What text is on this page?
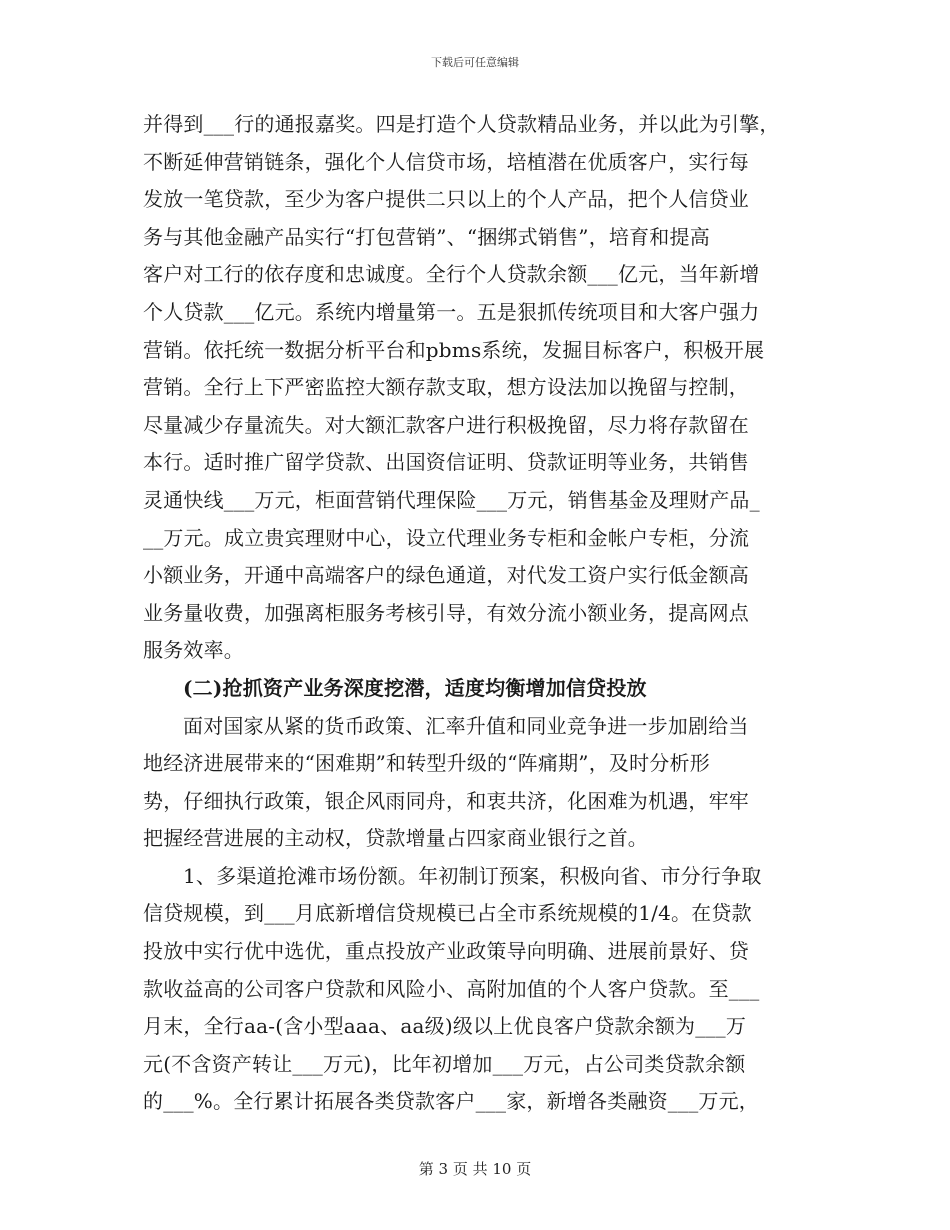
下载后可任意编辑
并得到___行的通报嘉奖。四是打造个人贷款精品业务，并以此为引擎，
不断延伸营销链条，强化个人信贷市场，培植潜在优质客户，实行每
发放一笔贷款，至少为客户提供二只以上的个人产品，把个人信贷业
务与其他金融产品实行“打包营销”、“捆绑式销售”，培育和提高
客户对工行的依存度和忠诚度。全行个人贷款余额___亿元，当年新增
个人贷款___亿元。系统内增量第一。五是狠抓传统项目和大客户强力
营销。依托统一数据分析平台和pbms系统，发掘目标客户，积极开展
营销。全行上下严密监控大额存款支取，想方设法加以挽留与控制，
尽量减少存量流失。对大额汇款客户进行积极挽留，尽力将存款留在
本行。适时推广留学贷款、出国资信证明、贷款证明等业务，共销售
灵通快线___万元，柜面营销代理保险___万元，销售基金及理财产品_
__万元。成立贵宾理财中心，设立代理业务专柜和金帐户专柜，分流
小额业务，开通中高端客户的绿色通道，对代发工资户实行低金额高
业务量收费，加强离柜服务考核引导，有效分流小额业务，提高网点
服务效率。
(二)抢抓资产业务深度挖潜，适度均衡增加信贷投放
面对国家从紧的货币政策、汇率升值和同业竞争进一步加剧给当
地经济进展带来的“困难期”和转型升级的“阵痛期”，及时分析形
势，仔细执行政策，银企风雨同舟，和衷共济，化困难为机遇，牢牢
把握经营进展的主动权，贷款增量占四家商业银行之首。
1、多渠道抢滩市场份额。年初制订预案，积极向省、市分行争取
信贷规模，到___月底新增信贷规模已占全市系统规模的1/4。在贷款
投放中实行优中选优，重点投放产业政策导向明确、进展前景好、贷
款收益高的公司客户贷款和风险小、高附加值的个人客户贷款。至___
月末，全行aa-(含小型aaa、aa级)级以上优良客户贷款余额为___万
元(不含资产转让___万元)，比年初增加___万元，占公司类贷款余额
的___%。全行累计拓展各类贷款客户___家，新增各类融资___万元，
第 3 页 共 10 页
